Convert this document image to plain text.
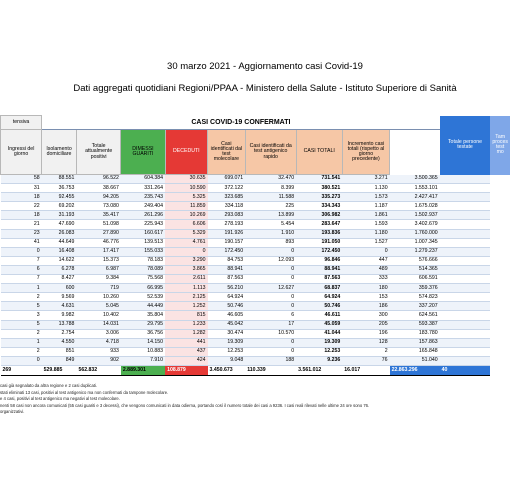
30 marzo 2021 - Aggiornamento casi Covid-19
Dati aggregati quotidiani Regioni/PPAA - Ministero della Salute - Istituto Superiore di Sanità
tensiva	CASI COVID-19 CONFERMATI									Totale persone testate	Tam proces test mo
Ingressi del giorno	Isolamento domiciliare	Totale attualmente positivi	DIMESSI GUARITI	DECEDUTI	Casi identificati dal test molecolare	Casi identificati da test antigenico rapido	CASI TOTALI	Incremento casi totali (rispetto al giorno precedente)			
58	88.551	96.522	604.384	30.635	699.071	32.470	731.541	3.271	3.500.365		
31	36.753	38.667	331.264	10.590	372.122	8.399	380.521	1.130	1.553.101		
18	92.455	94.205	235.743	5.325	323.685	11.588	335.273	1.573	2.427.417		
22	69.202	73.080	249.404	11.859	334.118	225	334.343	1.187	1.675.028		
18	31.193	35.417	261.296	10.269	293.083	13.899	306.982	1.861	1.502.937		
21	47.690	51.098	225.943	6.606	278.193	5.454	283.647	1.593	3.402.679		
23	26.083	27.890	160.617	5.329	191.926	1.910	193.836	1.180	1.760.000		
41	44.649	46.776	139.513	4.761	190.157	893	191.050	1.527	1.007.345		
0	16.408	17.417	155.033	0	172.450	0	172.450	0	1.279.237		
7	14.622	15.373	78.183	3.290	84.753	12.093	96.846	447	576.666		
6	6.278	6.987	78.089	3.865	88.941	0	88.941	489	514.365		
7	8.427	9.384	75.568	2.611	87.563	0	87.563	333	606.591		
1	600	719	66.995	1.113	56.210	12.627	68.837	180	359.376		
2	9.569	10.260	52.539	2.125	64.924	0	64.924	153	574.823		
5	4.631	5.045	44.449	1.252	50.746	0	50.746	186	337.207		
3	9.982	10.402	35.804	815	46.605	6	46.611	300	624.561		
5	13.788	14.031	29.795	1.233	45.042	17	45.059	205	593.387		
2	2.754	3.006	36.756	1.282	30.474	10.570	41.044	196	183.780		
1	4.550	4.718	14.150	441	19.309	0	19.309	128	157.863		
2	851	933	10.883	437	12.253	0	12.253	2	165.848		
0	849	902	7.910	424	9.048	188	9.236	76	51.040		
269	529.885	562.832	2.889.301	108.879	3.450.673	110.339	3.561.012	16.017	22.863.296	40	
casi già segnalato da altra regione e 2 casi duplicati.
stati eliminati 13 casi, positivi al test antigenico ma non confermati da tampone molecolare.
e 4 casi, positivi al test antigenico ma negativi al test molecolare.
nenti 58 casi non ancora comunicati (55 casi guariti e 3 decessi), che vengono comunicati in data odierna, portando così il numero totale dei casi a 9236. I casi reali rilevati nelle ultime 24 ore sono 76.
organizzativi.
